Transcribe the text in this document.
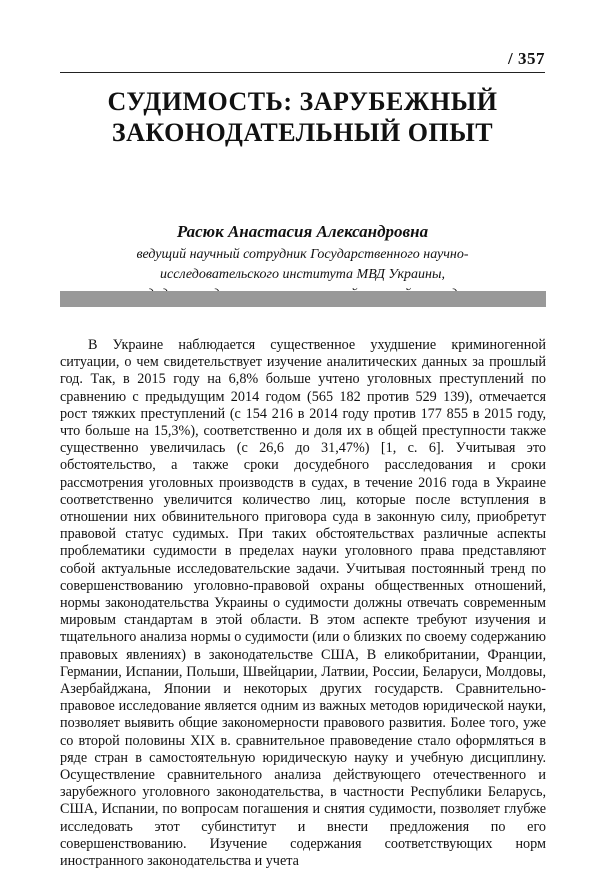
/ 357
СУДИМОСТЬ: ЗАРУБЕЖНЫЙ
ЗАКОНОДАТЕЛЬНЫЙ ОПЫТ
Расюк Анастасия Александровна
ведущий научный сотрудник Государственного научно-
исследовательского института МВД Украины,
В Украине наблюдается существенное ухудшение криминогенной ситуации, о чем свидетельствует изучение аналитических данных за прошлый год. Так, в 2015 году на 6,8% больше учтено уголовных преступлений по сравнению с предыдущим 2014 годом (565 182 против 529 139), отмечается рост тяжких преступлений (с 154 216 в 2014 году против 177 855 в 2015 году, что больше на 15,3%), соответственно и доля их в общей преступности также существенно увеличилась (с 26,6 до 31,47%) [1, с. 6]. Учитывая это обстоятельство, а также сроки досудебного расследования и сроки рассмотрения уголовных производств в судах, в течение 2016 года в Украине соответственно увеличится количество лиц, которые после вступления в отношении них обвинительного приговора суда в законную силу, приобретут правовой статус судимых. При таких обстоятельствах различные аспекты проблематики судимости в пределах науки уголовного права представляют собой актуальные исследовательские задачи. Учитывая постоянный тренд по совершенствованию уголовно-правовой охраны общественных отношений, нормы законодательства Украины о судимости должны отвечать современным мировым стандартам в этой области. В этом аспекте требуют изучения и тщательного анализа нормы о судимости (или о близких по своему содержанию правовых явлениях) в законодательстве США, В еликобритании, Франции, Германии, Испании, Польши, Швейцарии, Латвии, России, Беларуси, Молдовы, Азербайджана, Японии и некоторых других государств. Сравнительно-правовое исследование является одним из важных методов юридической науки, позволяет выявить общие закономерности правового развития. Более того, уже со второй половины XIX в. сравнительное правоведение стало оформляться в ряде стран в самостоятельную юридическую науку и учебную дисциплину. Осуществление сравнительного анализа действующего отечественного и зарубежного уголовного законодательства, в частности Республики Беларусь, США, Испании, по вопросам погашения и снятия судимости, позволяет глубже исследовать этот субинститут и внести предложения по его совершенствованию. Изучение содержания соответствующих норм иностранного законодательства и учета
